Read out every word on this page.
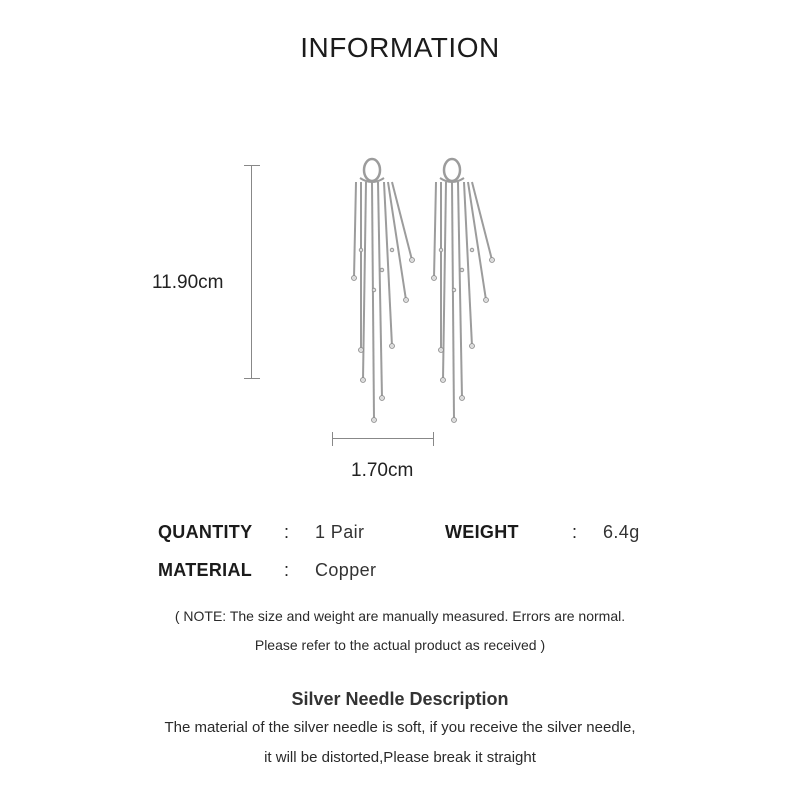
INFORMATION
11.90cm
1.70cm
QUANTITY : 1 Pair	WEIGHT	: 6.4g
MATERIAL : Copper
( NOTE: The size and weight are manually measured. Errors are normal.
Please refer to the actual product as received )
Silver Needle Description
The material of the silver needle is soft, if you receive the silver needle,
it will be distorted,Please break it straight
